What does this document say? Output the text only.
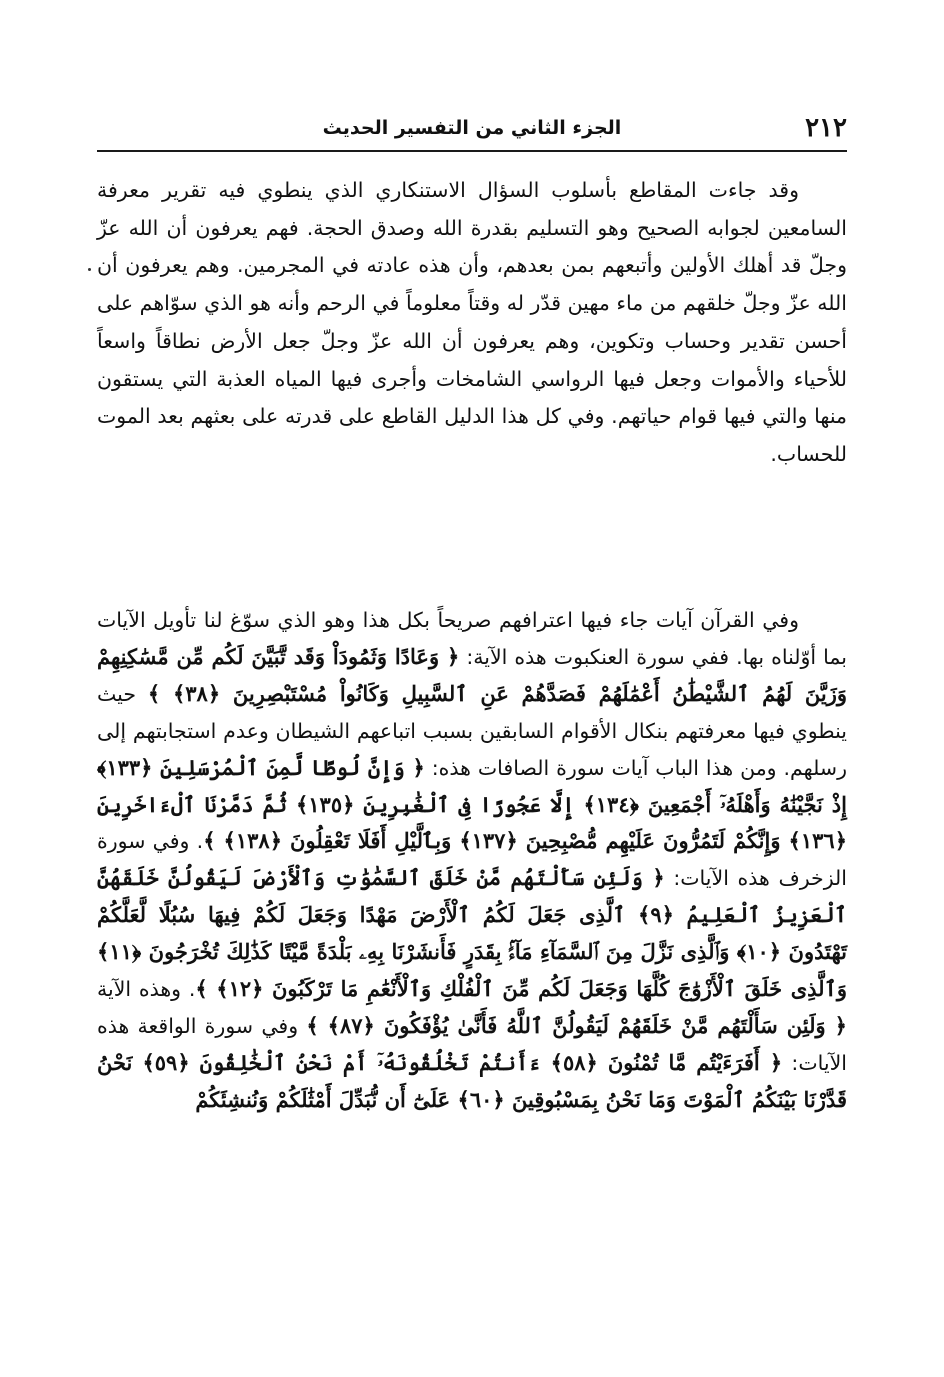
٢١٢
الجزء الثاني من التفسير الحديث

وقد جاءت المقاطع بأسلوب السؤال الاستنكاري الذي ينطوي فيه تقرير معرفة السامعين لجوابه الصحيح وهو التسليم بقدرة الله وصدق الحجة. فهم يعرفون أن الله عزّ وجلّ قد أهلك الأولين وأتبعهم بمن بعدهم، وأن هذه عادته في المجرمين. وهم يعرفون أن الله عزّ وجلّ خلقهم من ماء مهين قدّر له وقتاً معلوماً في الرحم وأنه هو الذي سوّاهم على أحسن تقدير وحساب وتكوين، وهم يعرفون أن الله عزّ وجلّ جعل الأرض نطاقاً واسعاً للأحياء والأموات وجعل فيها الرواسي الشامخات وأجرى فيها المياه العذبة التي يستقون منها والتي فيها قوام حياتهم. وفي كل هذا الدليل القاطع على قدرته على بعثهم بعد الموت للحساب.

وفي القرآن آيات جاء فيها اعترافهم صريحاً بكل هذا وهو الذي سوّغ لنا تأويل الآيات بما أوّلناه بها. ففي سورة العنكبوت هذه الآية: ﴿ وَعَادًا وَثَمُودَاْ وَقَد تَّبَيَّنَ لَكُم مِّن مَّسَٰكِنِهِمْ وَزَيَّنَ لَهُمُ ٱلشَّيْطَٰنُ أَعْمَٰلَهُمْ فَصَدَّهُمْ عَنِ ٱلسَّبِيلِ وَكَانُواْ مُسْتَبْصِرِينَ ﴿٣٨﴾ ﴾ حيث ينطوي فيها معرفتهم بنكال الأقوام السابقين بسبب اتباعهم الشيطان وعدم استجابتهم إلى رسلهم. ومن هذا الباب آيات سورة الصافات هذه: ﴿ وَإِنَّ لُوطًا لَّمِنَ ٱلْمُرْسَلِينَ ﴿١٣٣﴾ إِذْ نَجَّيْنَٰهُ وَأَهْلَهُۥٓ أَجْمَعِينَ ﴿١٣٤﴾ إِلَّا عَجُوزًا فِى ٱلْغَٰبِرِينَ ﴿١٣٥﴾ ثُمَّ دَمَّرْنَا ٱلْءَاخَرِينَ ﴿١٣٦﴾ وَإِنَّكُمْ لَتَمُرُّونَ عَلَيْهِم مُّصْبِحِينَ ﴿١٣٧﴾ وَبِٱلَّيْلِ أَفَلَا تَعْقِلُونَ ﴿١٣٨﴾ ﴾. وفي سورة الزخرف هذه الآيات: ﴿ وَلَئِن سَأَلْتَهُم مَّنْ خَلَقَ ٱلسَّمَٰوَٰتِ وَٱلْأَرْضَ لَيَقُولُنَّ خَلَقَهُنَّ ٱلْعَزِيزُ ٱلْعَلِيمُ ﴿٩﴾ ٱلَّذِى جَعَلَ لَكُمُ ٱلْأَرْضَ مَهْدًا وَجَعَلَ لَكُمْ فِيهَا سُبُلًا لَّعَلَّكُمْ تَهْتَدُونَ ﴿١٠﴾ وَٱلَّذِى نَزَّلَ مِنَ ٱلسَّمَآءِ مَآءًۢ بِقَدَرٍ فَأَنشَرْنَا بِهِۦ بَلْدَةً مَّيْتًا كَذَٰلِكَ تُخْرَجُونَ ﴿١١﴾ وَٱلَّذِى خَلَقَ ٱلْأَزْوَٰجَ كُلَّهَا وَجَعَلَ لَكُم مِّنَ ٱلْفُلْكِ وَٱلْأَنْعَٰمِ مَا تَرْكَبُونَ ﴿١٢﴾ ﴾. وهذه الآية ﴿ وَلَئِن سَأَلْتَهُم مَّنْ خَلَقَهُمْ لَيَقُولُنَّ ٱللَّهُ فَأَنَّىٰ يُؤْفَكُونَ ﴿٨٧﴾ ﴾ وفي سورة الواقعة هذه الآيات: ﴿ أَفَرَءَيْتُم مَّا تُمْنُونَ ﴿٥٨﴾ ءَأَنتُمْ تَخْلُقُونَهُۥٓ أَمْ نَحْنُ ٱلْخَٰلِقُونَ ﴿٥٩﴾ نَحْنُ قَدَّرْنَا بَيْنَكُمُ ٱلْمَوْتَ وَمَا نَحْنُ بِمَسْبُوقِينَ ﴿٦٠﴾ عَلَىٰٓ أَن نُّبَدِّلَ أَمْثَٰلَكُمْ وَنُنشِئَكُمْ
